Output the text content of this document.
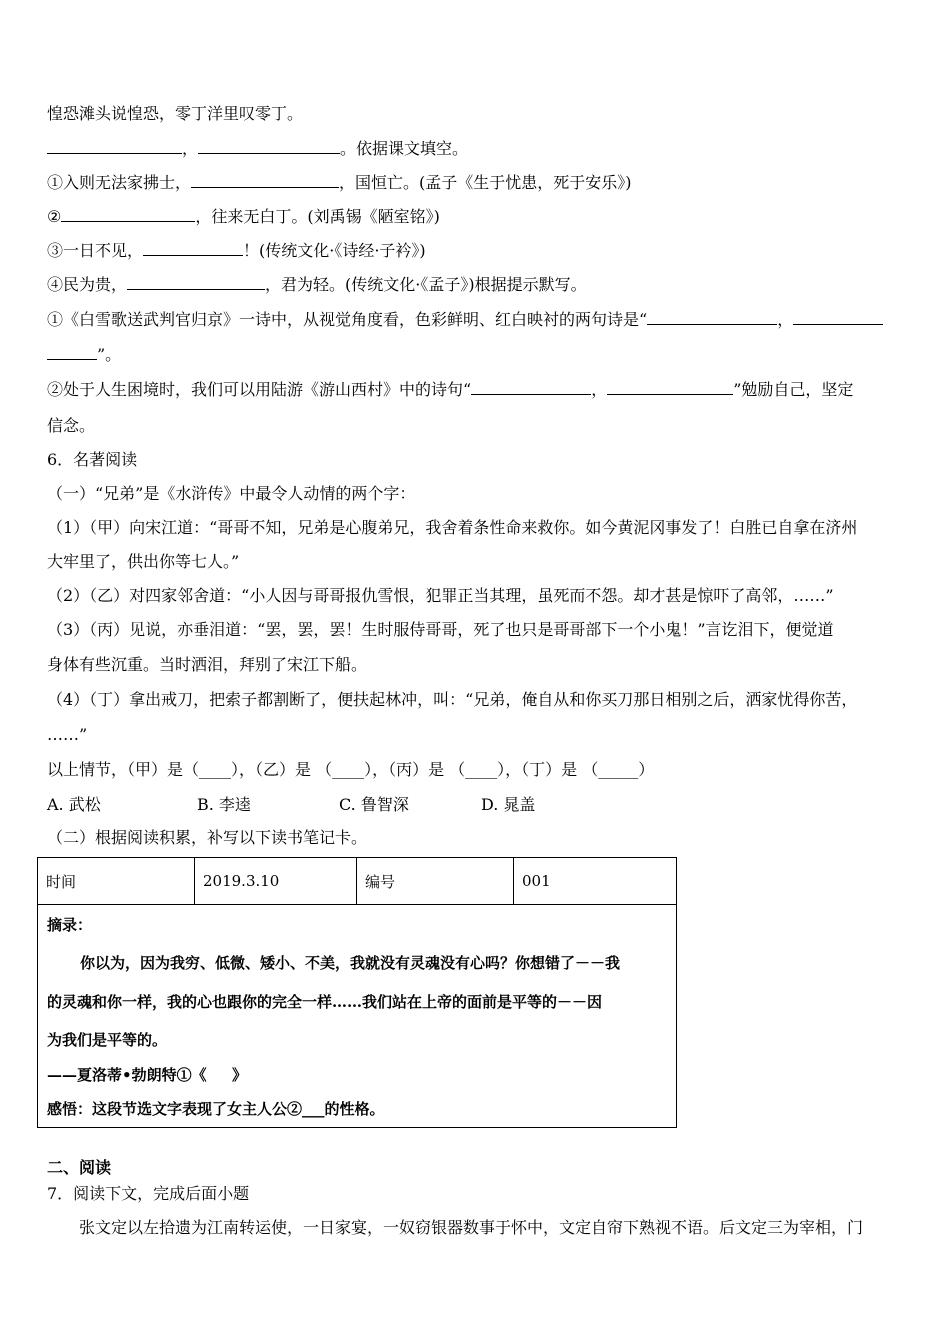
惶恐滩头说惶恐，零丁洋里叹零丁。
，	。依据课文填空。
①入则无法家拂士，	，国恒亡。(孟子《生于忧患，死于安乐》)
②	，往来无白丁。(刘禹锡《陋室铭》)
③一日不见，	！(传统文化·《诗经·子衿》)
④民为贵，	，君为轻。(传统文化·《孟子》)根据提示默写。
①《白雪歌送武判官归京》一诗中，从视觉角度看，色彩鲜明、红白映衬的两句诗是“	，
”。
②处于人生困境时，我们可以用陆游《游山西村》中的诗句“	，	”勉励自己，坚定
信念。
6．名著阅读
（一）“兄弟”是《水浒传》中最令人动情的两个字：
（1）（甲）向宋江道：“哥哥不知，兄弟是心腹弟兄，我舍着条性命来救你。如今黄泥冈事发了！白胜已自拿在济州
大牢里了，供出你等七人。”
（2）（乙）对四家邻舍道：“小人因与哥哥报仇雪恨，犯罪正当其理，虽死而不怨。却才甚是惊吓了高邻，……”
（3）（丙）见说，亦垂泪道：“罢，罢，罢！生时服侍哥哥，死了也只是哥哥部下一个小鬼！”言讫泪下，便觉道
身体有些沉重。当时洒泪，拜别了宋江下船。
（4）（丁）拿出戒刀，把索子都割断了，便扶起林冲，叫：“兄弟，俺自从和你买刀那日相别之后，洒家忧得你苦，
……”
以上情节，（甲）是（____），（乙）是 （____），（丙）是 （____），（丁）是 （_____）
A. 武松	B. 李逵	C. 鲁智深	D. 晁盖
（二）根据阅读积累，补写以下读书笔记卡。
时间	2019.3.10	编号	001

摘录：
你以为，因为我穷、低微、矮小、不美，我就没有灵魂没有心吗？你想错了－－我
的灵魂和你一样，我的心也跟你的完全一样……我们站在上帝的面前是平等的－－因
为我们是平等的。
——夏洛蒂•勃朗特①《 　 》
感悟：这段节选文字表现了女主人公②___的性格。
二、阅读
7．阅读下文，完成后面小题
张文定以左拾遗为江南转运使，一日家宴，一奴窃银器数事于怀中，文定自帘下熟视不语。后文定三为宰相，门
